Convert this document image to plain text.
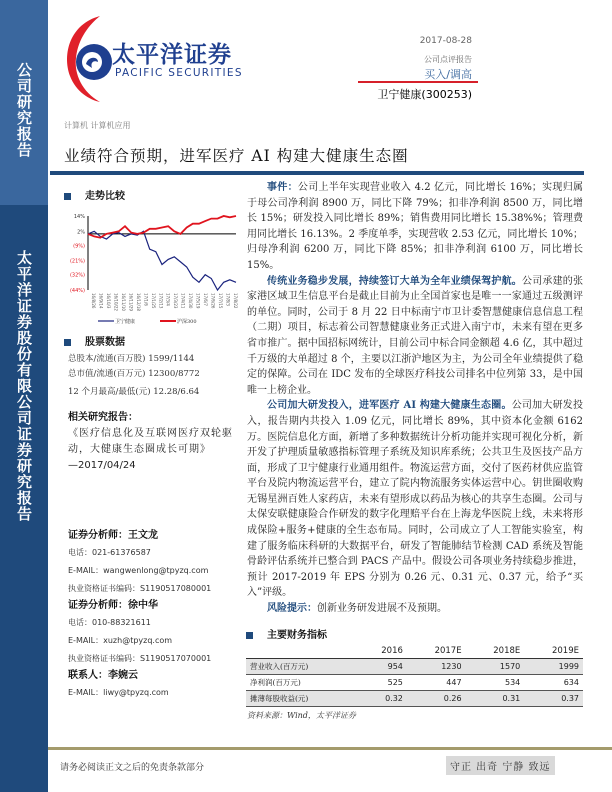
公司研究报告
太平洋证券股份有限公司证券研究报告
太平洋证券
PACIFIC SECURITIES
2017-08-28
公司点评报告
买入/调高
卫宁健康(300253)
计算机 计算机应用
业绩符合预期，进军医疗 AI 构建大健康生态圈
走势比较
14%
2%
(9%)
(21%)
(32%)
(44%)
16/8/26 16/9/14 16/10/3 16/10/22 16/11/10 16/11/29 16/12/18 17/1/6 17/1/25 17/2/13 17/3/4 17/3/23 17/4/11 17/4/30 17/5/19 17/6/7 17/6/26 17/7/15 17/8/3 17/8/22
卫宁健康	沪深300
股票数据
总股本/流通(百万股) 1599/1144
总市值/流通(百万元) 12300/8772
12 个月最高/最低(元) 12.28/6.64
相关研究报告：
《医疗信息化及互联网医疗双轮驱动，大健康生态圈成长可期》
—2017/04/24
证券分析师：王文龙
电话：021-61376587
E-MAIL：wangwenlong@tpyzq.com
执业资格证书编码：S1190517080001
证券分析师：徐中华
电话：010-88321611
E-MAIL：xuzh@tpyzq.com
执业资格证书编码：S1190517070001
联系人：李婉云
E-MAIL：liwy@tpyzq.com

事件：公司上半年实现营业收入 4.2 亿元，同比增长 16%；实现归属于母公司净利润 8900 万，同比下降 79%；扣非净利润 8500 万，同比增长 15%；研发投入同比增长 89%；销售费用同比增长 15.38%%；管理费用同比增长 16.13%。2 季度单季，实现营收 2.53 亿元，同比增长 10%；归母净利润 6200 万，同比下降 85%；扣非净利润 6100 万，同比增长 15%。

传统业务稳步发展，持续签订大单为全年业绩保驾护航。公司承建的张家港区域卫生信息平台是截止目前为止全国首家也是唯一一家通过五级测评的单位。同时，公司于 8 月 22 日中标南宁市卫计委智慧健康信息信息工程（二期）项目，标志着公司智慧健康业务正式进入南宁市，未来有望在更多省市推广。据中国招标网统计，目前公司中标合同金额超 4.6 亿，其中超过千万级的大单超过 8 个，主要以江浙沪地区为主，为公司全年业绩提供了稳定的保障。公司在 IDC 发布的全球医疗科技公司排名中位列第 33，是中国唯一上榜企业。

公司加大研发投入，进军医疗 AI 构建大健康生态圈。公司加大研发投入，报告期内共投入 1.09 亿元，同比增长 89%，其中资本化金额 6162 万。医院信息化方面，新增了多种数据统计分析功能并实现可视化分析，新开发了护理质量敏感指标管理子系统及知识库系统；公共卫生及医技产品方面，形成了卫宁健康行业通用组件。物流运营方面，交付了医药材供应监管平台及院内物流运营平台，建立了院内物流服务实体运营中心。钥世圈收购无锡星洲百姓人家药店，未来有望形成以药品为核心的共享生态圈。公司与太保安联健康险合作研发的数字化理赔平台在上海龙华医院上线，未来将形成保险+服务+健康的全生态布局。同时，公司成立了人工智能实验室，构建了服务临床科研的大数据平台，研发了智能肺结节检测 CAD 系统及智能骨龄评估系统并已整合到 PACS 产品中。假设公司各项业务持续稳步推进，预计 2017-2019 年 EPS 分别为 0.26 元、0.31 元、0.37 元，给予“买入”评级。

风险提示：创新业务研发进展不及预期。

主要财务指标
	2016	2017E	2018E	2019E
营业收入(百万元)	954	1230	1570	1999
净利润(百万元)	525	447	534	634
摊薄每股收益(元)	0.32	0.26	0.31	0.37
资料来源：Wind，太平洋证券
请务必阅读正文之后的免责条款部分	守正 出奇 宁静 致远
